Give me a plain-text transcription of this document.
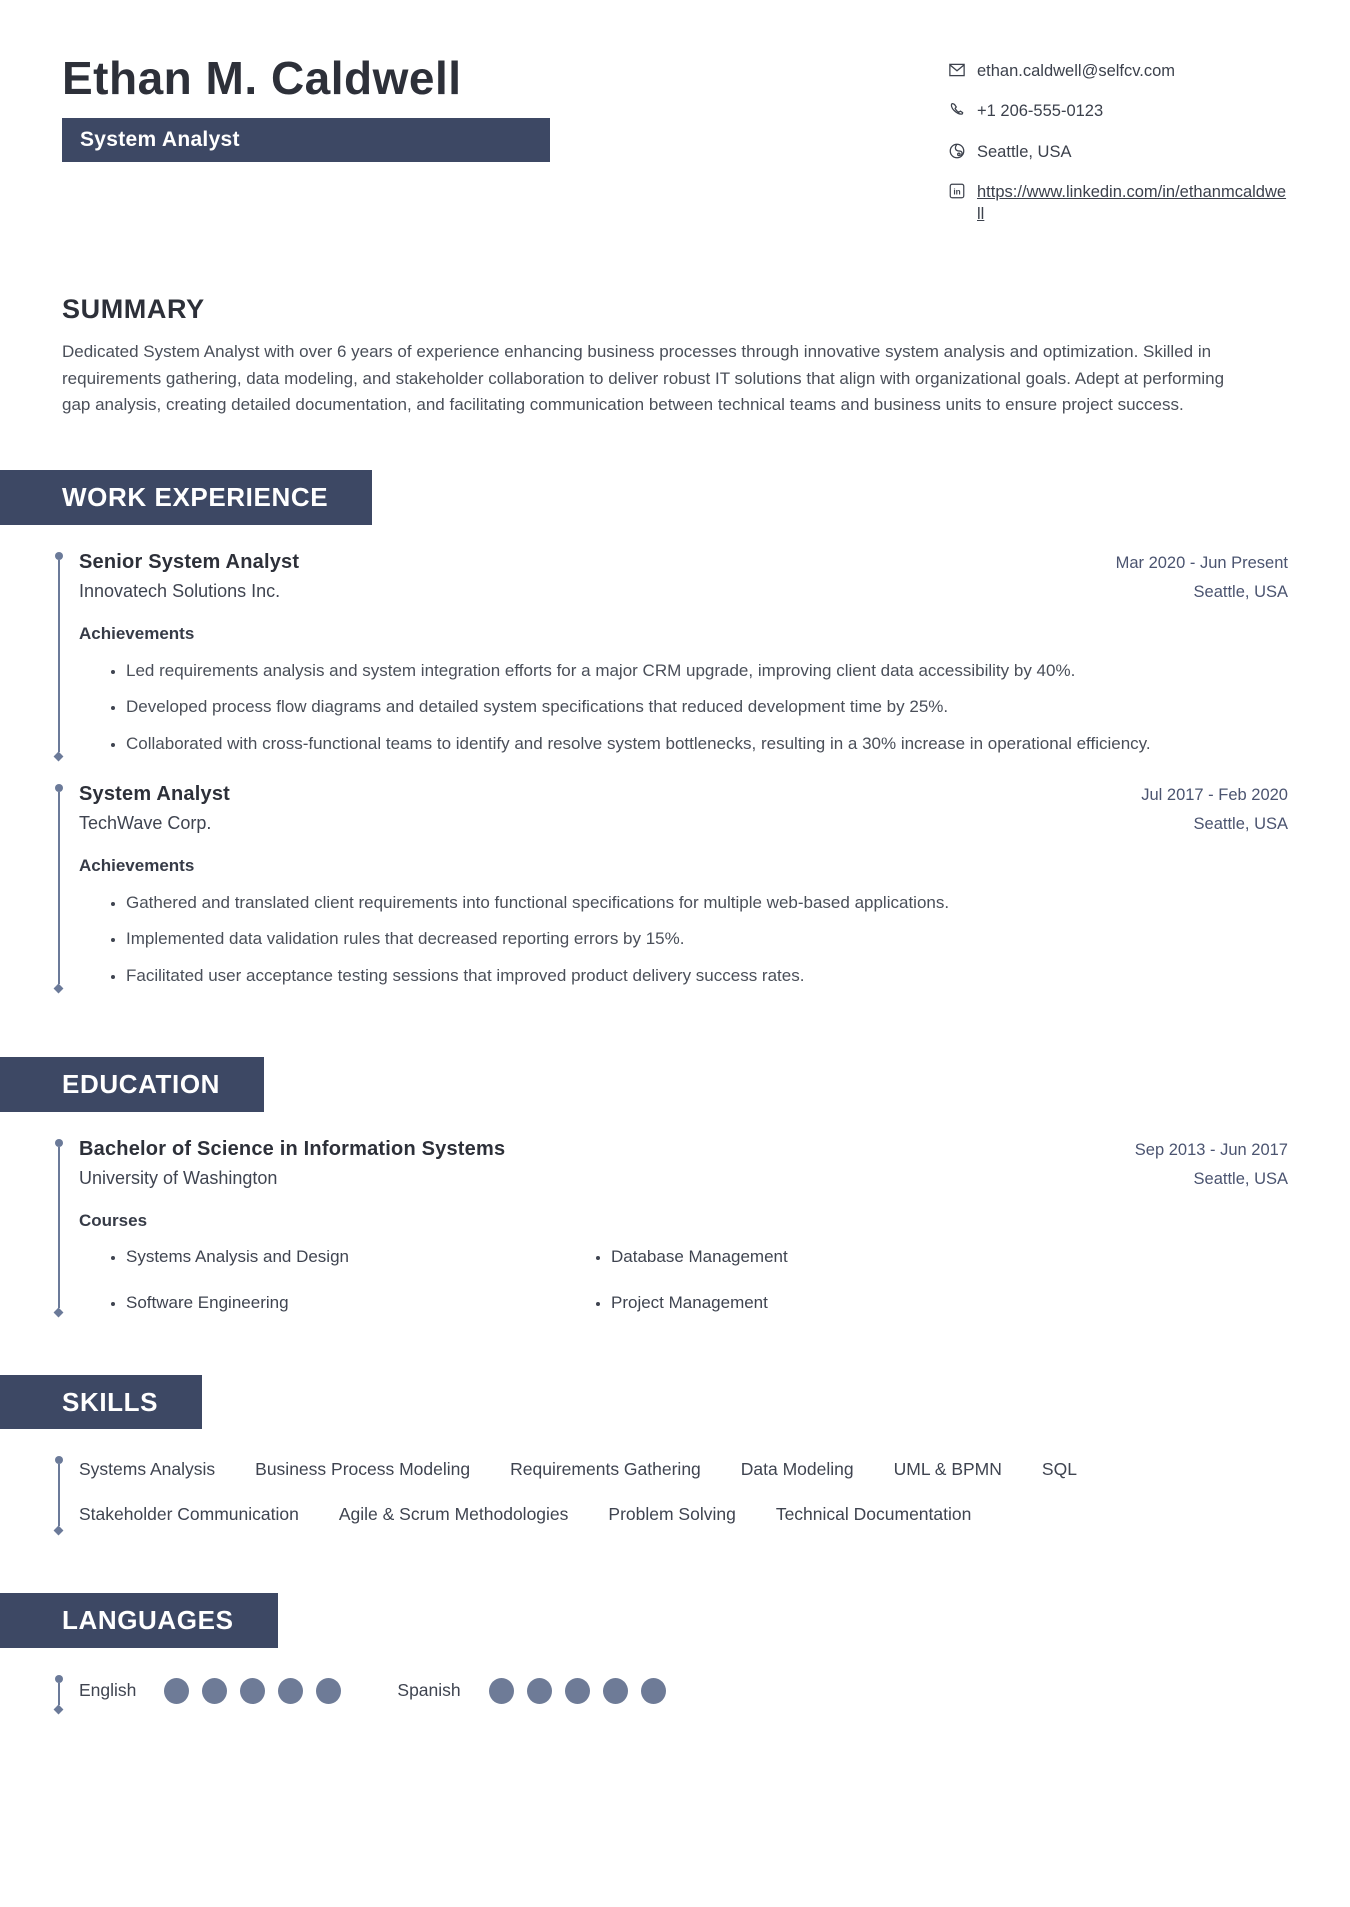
Ethan M. Caldwell
System Analyst
ethan.caldwell@selfcv.com
+1 206-555-0123
Seattle, USA
in https://www.linkedin.com/in/ethanmcaldwell
SUMMARY

Dedicated System Analyst with over 6 years of experience enhancing business processes through innovative system analysis and optimization. Skilled in requirements gathering, data modeling, and stakeholder collaboration to deliver robust IT solutions that align with organizational goals. Adept at performing gap analysis, creating detailed documentation, and facilitating communication between technical teams and business units to ensure project success.

WORK EXPERIENCE
Senior System Analyst	Mar 2020 - Jun Present
Innovatech Solutions Inc.	Seattle, USA
Achievements
• Led requirements analysis and system integration efforts for a major CRM upgrade, improving client data accessibility by 40%.
• Developed process flow diagrams and detailed system specifications that reduced development time by 25%.
• Collaborated with cross-functional teams to identify and resolve system bottlenecks, resulting in a 30% increase in operational efficiency.
System Analyst	Jul 2017 - Feb 2020
TechWave Corp.	Seattle, USA
Achievements
• Gathered and translated client requirements into functional specifications for multiple web-based applications.
• Implemented data validation rules that decreased reporting errors by 15%.
• Facilitated user acceptance testing sessions that improved product delivery success rates.
EDUCATION
Bachelor of Science in Information Systems	Sep 2013 - Jun 2017
University of Washington	Seattle, USA
Courses
• Systems Analysis and Design	• Database Management
• Software Engineering	• Project Management
SKILLS
Systems Analysis Business Process Modeling Requirements Gathering Data Modeling UML & BPMN SQL
Stakeholder Communication Agile & Scrum Methodologies Problem Solving Technical Documentation
LANGUAGES
English	Spanish
